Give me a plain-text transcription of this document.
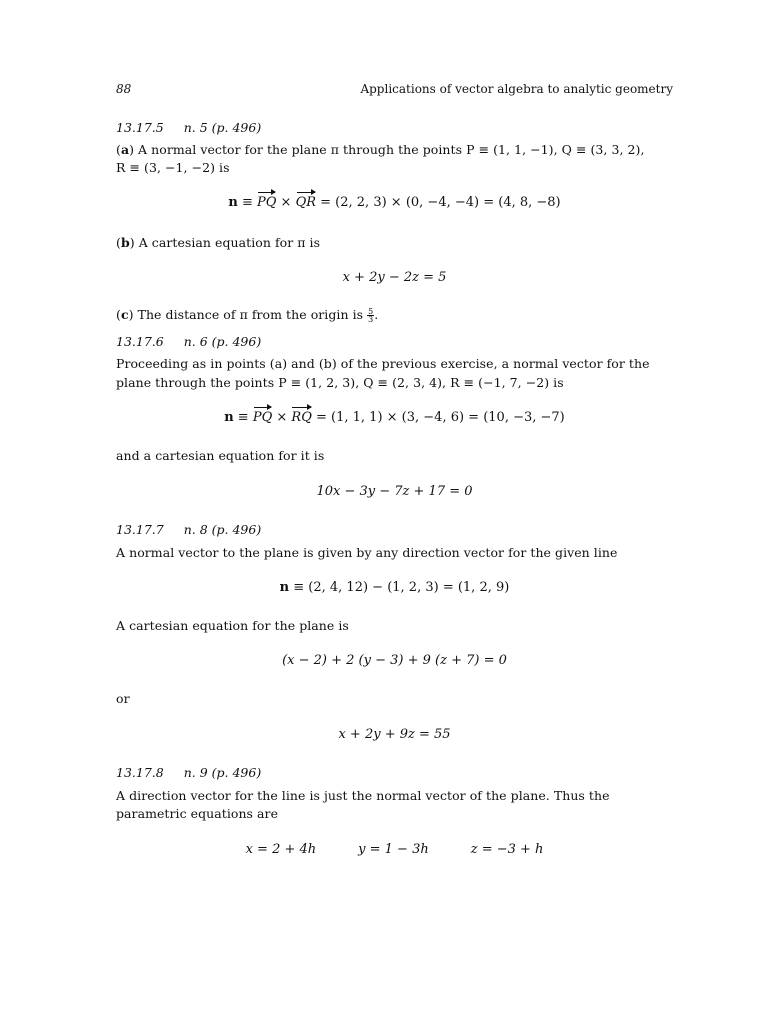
88	Applications of vector algebra to analytic geometry
13.17.5 n. 5 (p. 496)
(a) A normal vector for the plane π through the points P ≡ (1, 1, −1), Q ≡ (3, 3, 2),
R ≡ (3, −1, −2) is
n ≡ PQ × QR = (2, 2, 3) × (0, −4, −4) = (4, 8, −8)
(b) A cartesian equation for π is
x + 2y − 2z = 5
(c) The distance of π from the origin is $\frac{5}{3}$ .
13.17.6 n. 6 (p. 496)
Proceeding as in points (a) and (b) of the previous exercise, a normal vector for the
plane through the points P ≡ (1, 2, 3), Q ≡ (2, 3, 4), R ≡ (−1, 7, −2) is
n ≡ PQ × RQ = (1, 1, 1) × (3, −4, 6) = (10, −3, −7)
and a cartesian equation for it is
10x − 3y − 7z + 17 = 0
13.17.7 n. 8 (p. 496)
A normal vector to the plane is given by any direction vector for the given line
n ≡ (2, 4, 12) − (1, 2, 3) = (1, 2, 9)
A cartesian equation for the plane is
(x − 2) + 2 (y − 3) + 9 (z + 7) = 0
or
x + 2y + 9z = 55
13.17.8 n. 9 (p. 496)
A direction vector for the line is just the normal vector of the plane. Thus the
parametric equations are
x = 2 + 4h	y = 1 − 3h	z = −3 + h
